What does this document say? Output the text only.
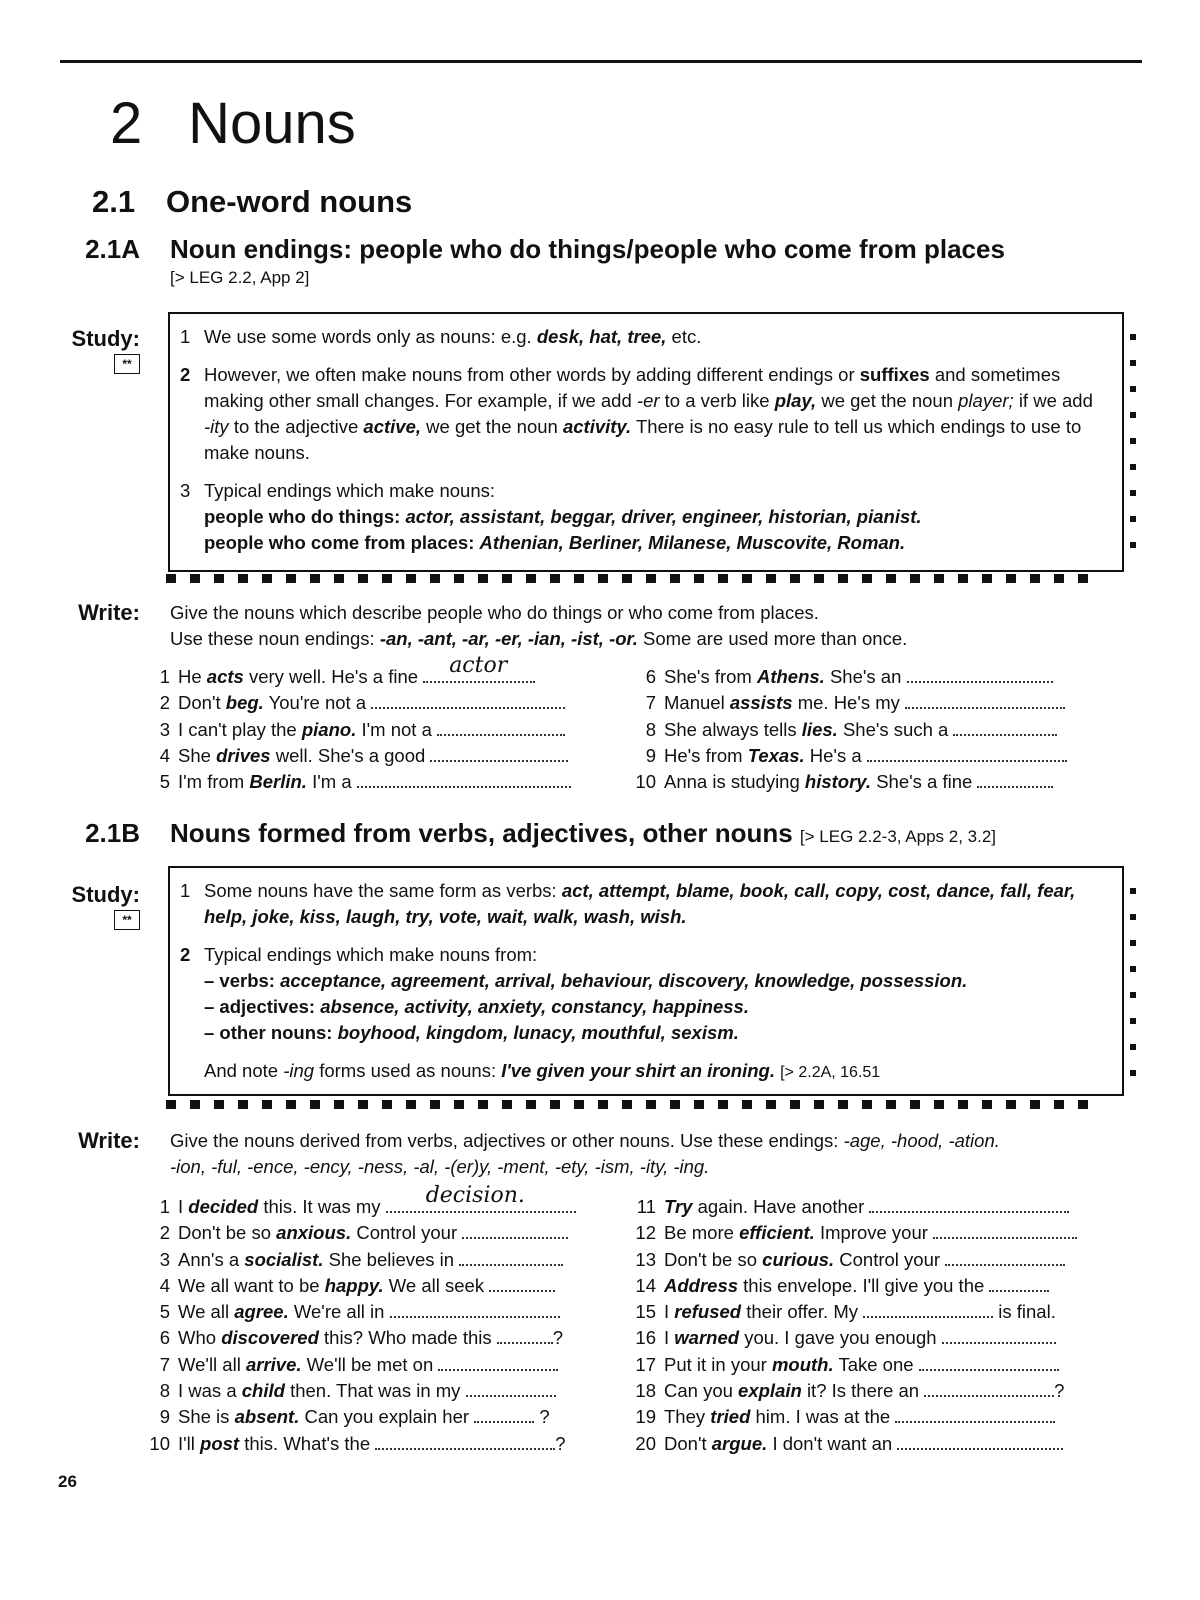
2 Nouns
2.1 One-word nouns
2.1A Noun endings: people who do things/people who come from places
[> LEG 2.2, App 2]
Study:
**
1 We use some words only as nouns: e.g. desk, hat, tree, etc.
2 However, we often make nouns from other words by adding different endings or suffixes and sometimes making other small changes. For example, if we add -er to a verb like play, we get the noun player; if we add -ity to the adjective active, we get the noun activity. There is no easy rule to tell us which endings to use to make nouns.
3 Typical endings which make nouns:
people who do things: actor, assistant, beggar, driver, engineer, historian, pianist.
people who come from places: Athenian, Berliner, Milanese, Muscovite, Roman.
Write: Give the nouns which describe people who do things or who come from places.
Use these noun endings: -an, -ant, -ar, -er, -ian, -ist, -or. Some are used more than once.
1 He acts very well. He's a fine actor
2 Don't beg. You're not a
3 I can't play the piano. I'm not a
4 She drives well. She's a good
5 I'm from Berlin. I'm a
6 She's from Athens. She's an
7 Manuel assists me. He's my
8 She always tells lies. She's such a
9 He's from Texas. He's a
10 Anna is studying history. She's a fine
2.1B Nouns formed from verbs, adjectives, other nouns [> LEG 2.2-3, Apps 2, 3.2]
Study:
**
1 Some nouns have the same form as verbs: act, attempt, blame, book, call, copy, cost, dance, fall, fear, help, joke, kiss, laugh, try, vote, wait, walk, wash, wish.
2 Typical endings which make nouns from:
– verbs: acceptance, agreement, arrival, behaviour, discovery, knowledge, possession.
– adjectives: absence, activity, anxiety, constancy, happiness.
– other nouns: boyhood, kingdom, lunacy, mouthful, sexism.
And note -ing forms used as nouns: I've given your shirt an ironing. [> 2.2A, 16.51
Write: Give the nouns derived from verbs, adjectives or other nouns. Use these endings: -age, -hood, -ation.
-ion, -ful, -ence, -ency, -ness, -al, -(er)y, -ment, -ety, -ism, -ity, -ing.
1 I decided this. It was my decision.
2 Don't be so anxious. Control your
3 Ann's a socialist. She believes in
4 We all want to be happy. We all seek
5 We all agree. We're all in
6 Who discovered this? Who made this	?
7 We'll all arrive. We'll be met on
8 I was a child then. That was in my
9 She is absent. Can you explain her	?
10 I'll post this. What's the	?
11 Try again. Have another
12 Be more efficient. Improve your
13 Don't be so curious. Control your
14 Address this envelope. I'll give you the
15 I refused their offer. My	is final.
16 I warned you. I gave you enough
17 Put it in your mouth. Take one
18 Can you explain it? Is there an	?
19 They tried him. I was at the
20 Don't argue. I don't want an
26
